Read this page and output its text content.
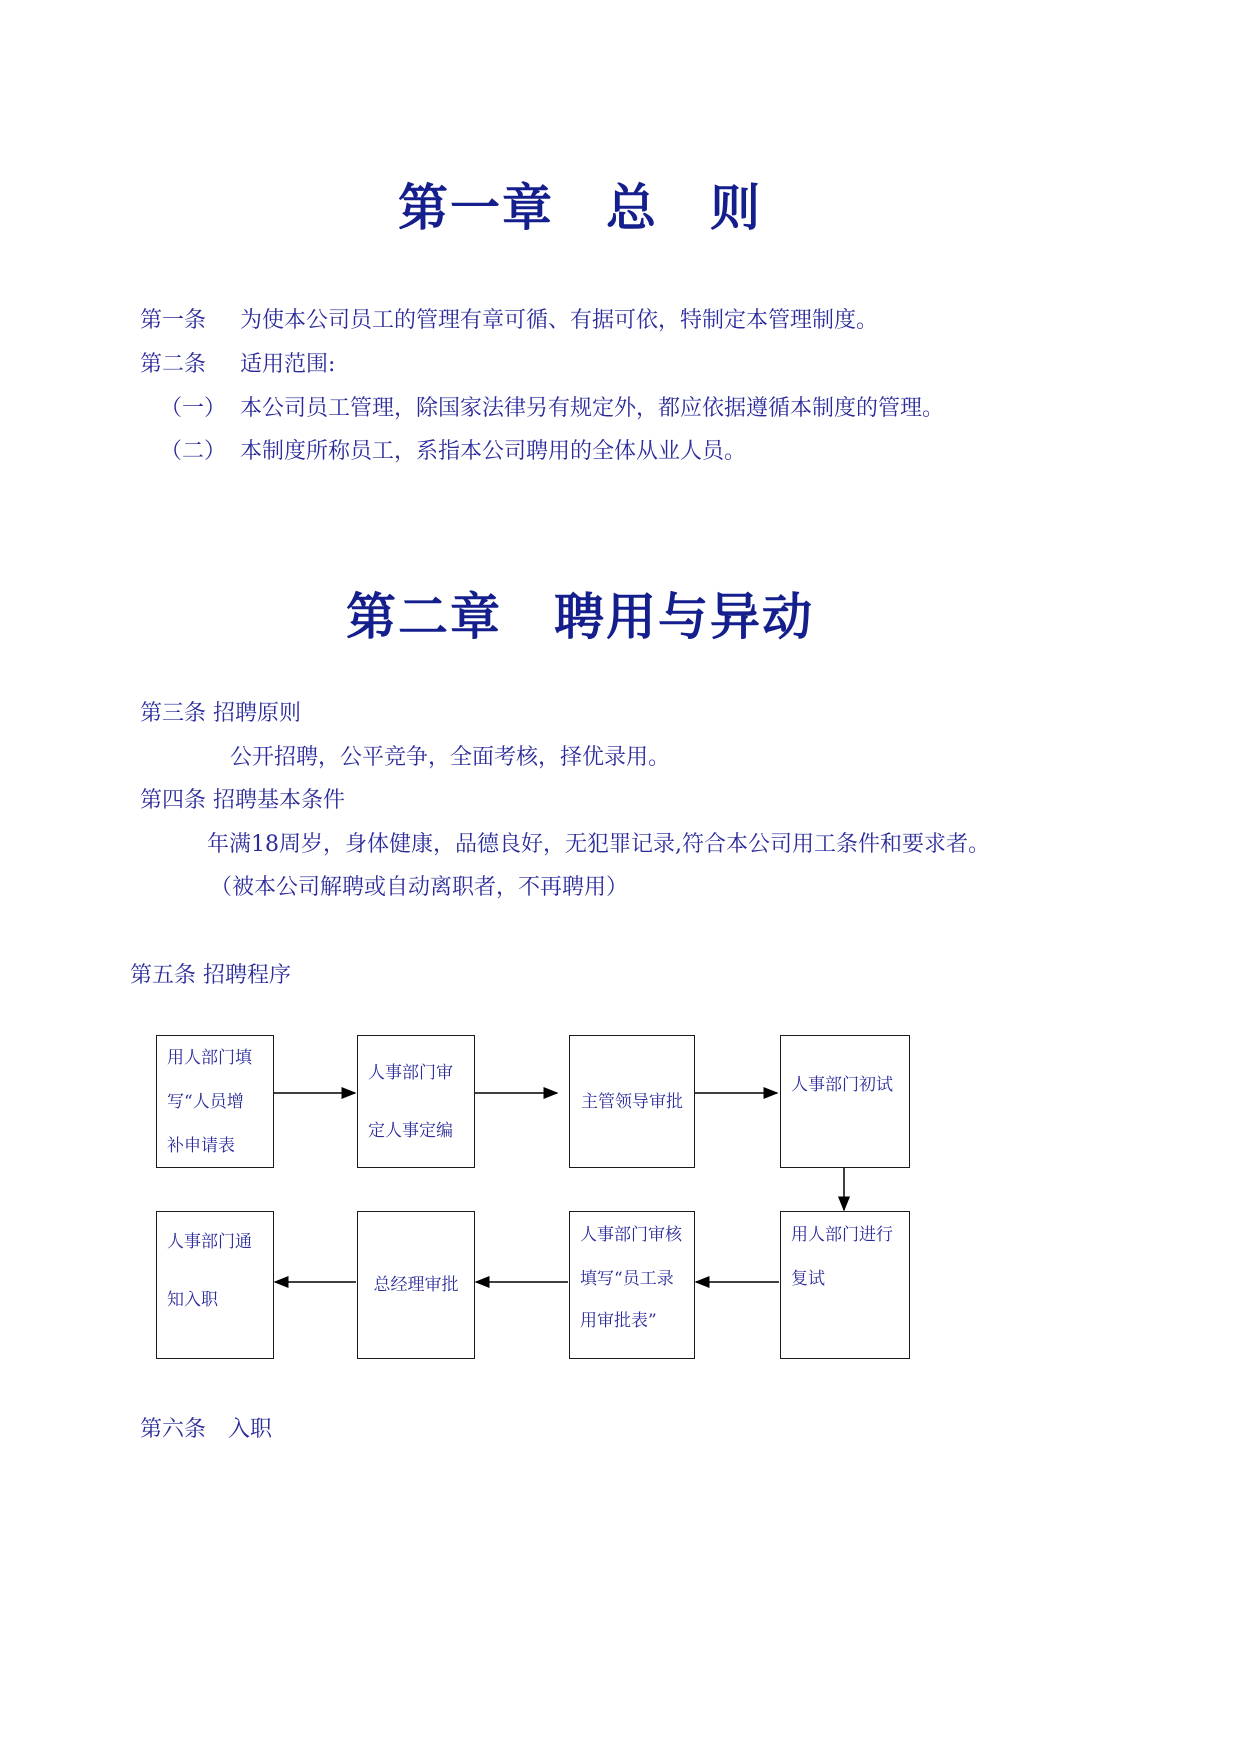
第一章　总　则
第一条 为使本公司员工的管理有章可循、有据可依，特制定本管理制度。
第二条 适用范围:
（一） 本公司员工管理，除国家法律另有规定外，都应依据遵循本制度的管理。
（二） 本制度所称员工，系指本公司聘用的全体从业人员。
第二章　聘用与异动
第三条 招聘原则
公开招聘，公平竞争，全面考核，择优录用。
第四条 招聘基本条件
年满18周岁，身体健康，品德良好，无犯罪记录,符合本公司用工条件和要求者。
（被本公司解聘或自动离职者，不再聘用）
第五条 招聘程序
用人部门填
写“人员增
补申请表
人事部门审
定人事定编
主管领导审批
人事部门初试
用人部门进行
复试
人事部门审核
填写“员工录
用审批表”
总经理审批
人事部门通
知入职
第六条　入职
